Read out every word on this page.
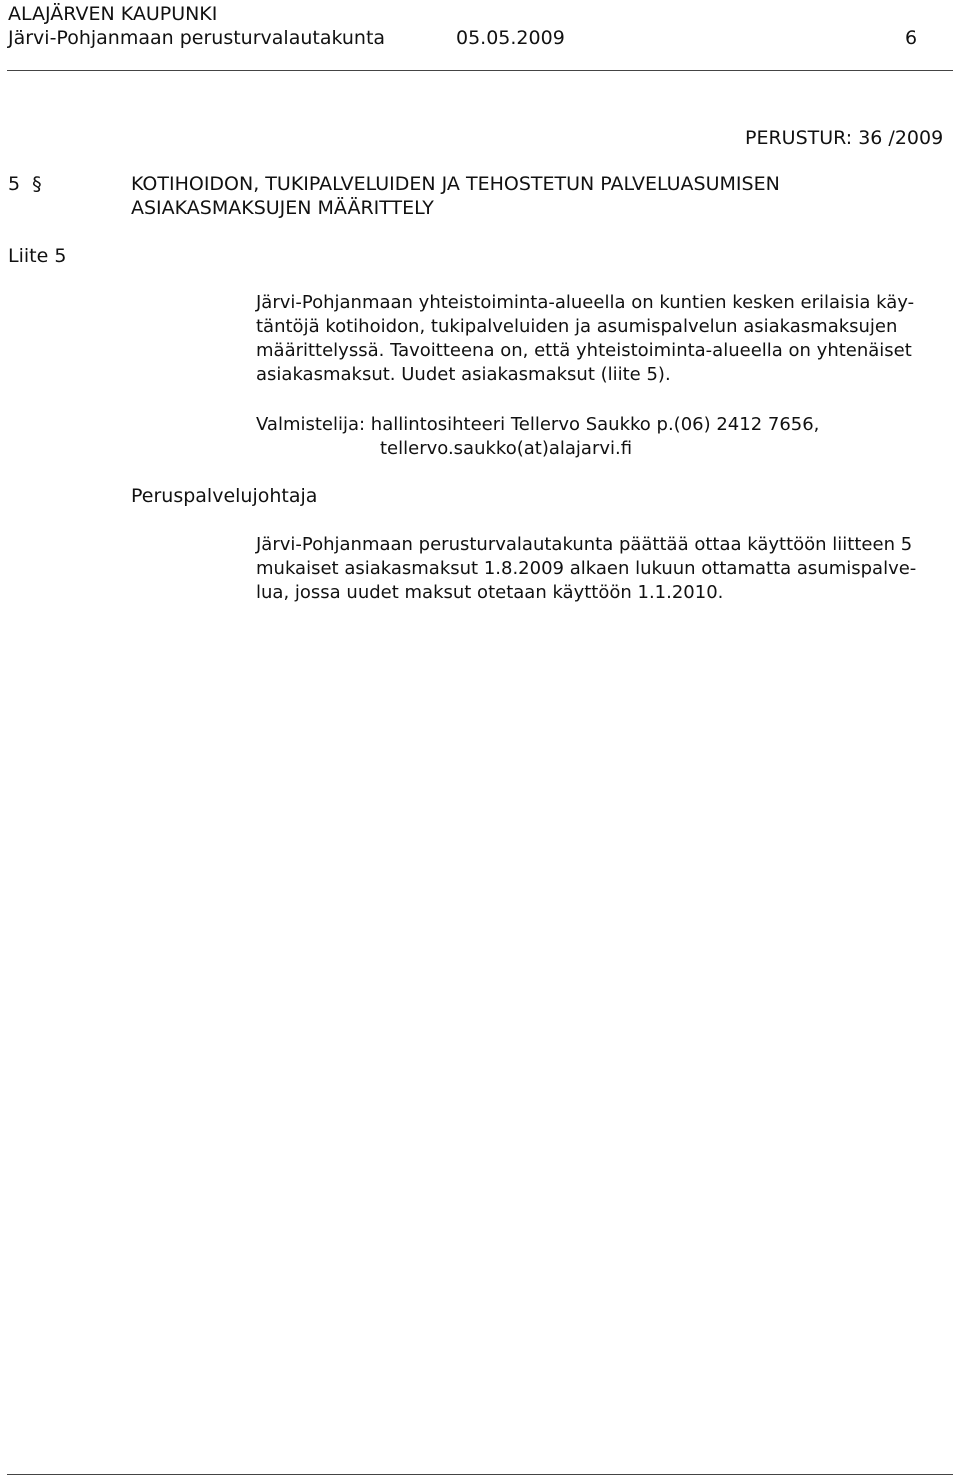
ALAJÄRVEN KAUPUNKI
Järvi-Pohjanmaan perusturvalautakunta	05.05.2009	6
PERUSTUR: 36 /2009
5 §	KOTIHOIDON, TUKIPALVELUIDEN JA TEHOSTETUN PALVELUASUMISEN
ASIAKASMAKSUJEN MÄÄRITTELY
Liite 5
Järvi-Pohjanmaan yhteistoiminta-alueella on kuntien kesken erilaisia käy-
täntöjä kotihoidon, tukipalveluiden ja asumispalvelun asiakasmaksujen
määrittelyssä. Tavoitteena on, että yhteistoiminta-alueella on yhtenäiset
asiakasmaksut. Uudet asiakasmaksut (liite 5).
Valmistelija: hallintosihteeri Tellervo Saukko p.(06) 2412 7656,
tellervo.saukko(at)alajarvi.fi
Peruspalvelujohtaja
Järvi-Pohjanmaan perusturvalautakunta päättää ottaa käyttöön liitteen 5
mukaiset asiakasmaksut 1.8.2009 alkaen lukuun ottamatta asumispalve-
lua, jossa uudet maksut otetaan käyttöön 1.1.2010.
